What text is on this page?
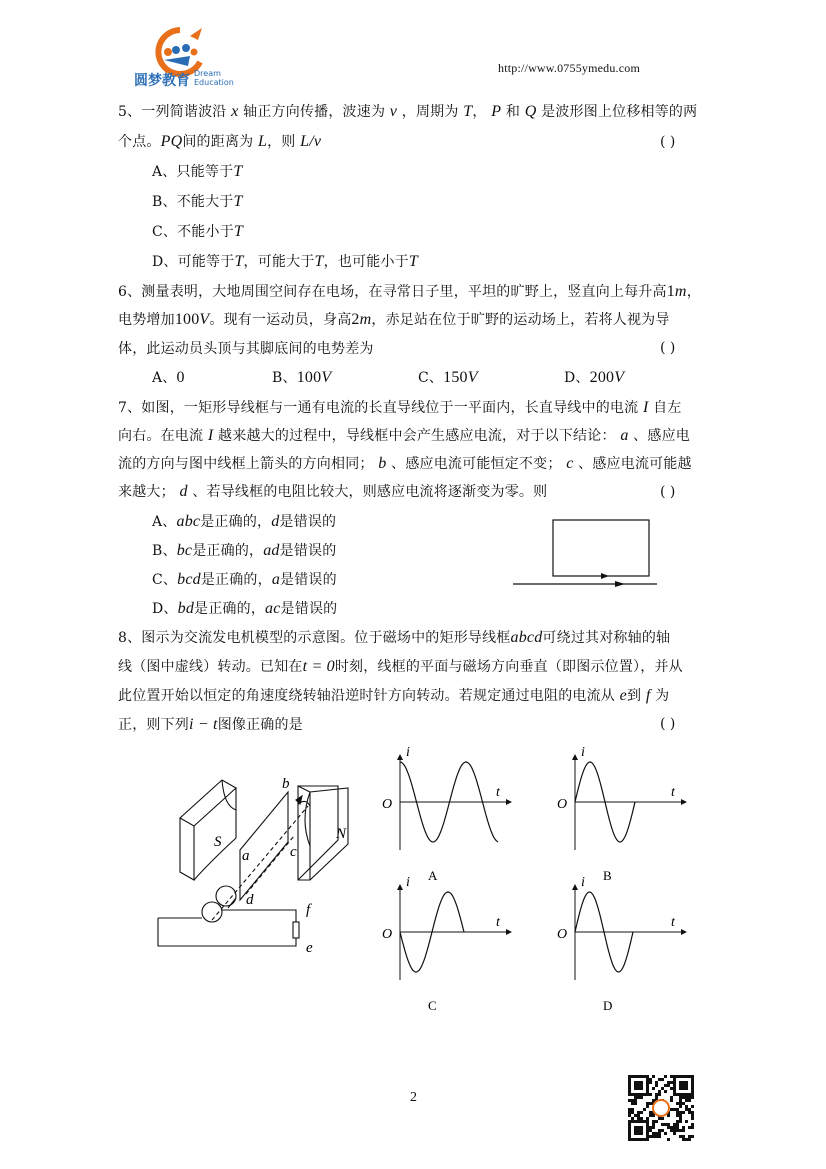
圆梦教育 Dream
Education
http://www.0755ymedu.com
5、一列简谐波沿 x 轴正方向传播，波速为 v ，周期为 T， P 和 Q 是波形图上位移相等的两
个点。PQ间的距离为 L，则 L/v	( )
A、只能等于T
B、不能大于T
C、不能小于T
D、可能等于T，可能大于T，也可能小于T
6、测量表明，大地周围空间存在电场，在寻常日子里，平坦的旷野上，竖直向上每升高1m，
电势增加100V。现有一运动员，身高2m，赤足站在位于旷野的运动场上，若将人视为导
体，此运动员头顶与其脚底间的电势差为	( )
A、0	B、100V	C、150V	D、200V
7、如图，一矩形导线框与一通有电流的长直导线位于一平面内，长直导线中的电流 I 自左
向右。在电流 I 越来越大的过程中，导线框中会产生感应电流，对于以下结论： a 、感应电
流的方向与图中线框上箭头的方向相同； b 、感应电流可能恒定不变； c 、感应电流可能越
来越大； d 、若导线框的电阻比较大，则感应电流将逐渐变为零。则	( )
A、abc是正确的，d是错误的
B、bc是正确的，ad是错误的
C、bcd是正确的，a是错误的
D、bd是正确的，ac是错误的
8、图示为交流发电机模型的示意图。位于磁场中的矩形导线框abcd可绕过其对称轴的轴
线（图中虚线）转动。已知在t = 0时刻，线框的平面与磁场方向垂直（即图示位置），并从
此位置开始以恒定的角速度绕转轴沿逆时针方向转动。若规定通过电阻的电流从 e到 f 为
正，则下列i − t图像正确的是	( )
S	N
a
b
c
d
f
e
i
t
O
A
i
t
O
B
i
t
O
C
i
t
O
D
2
